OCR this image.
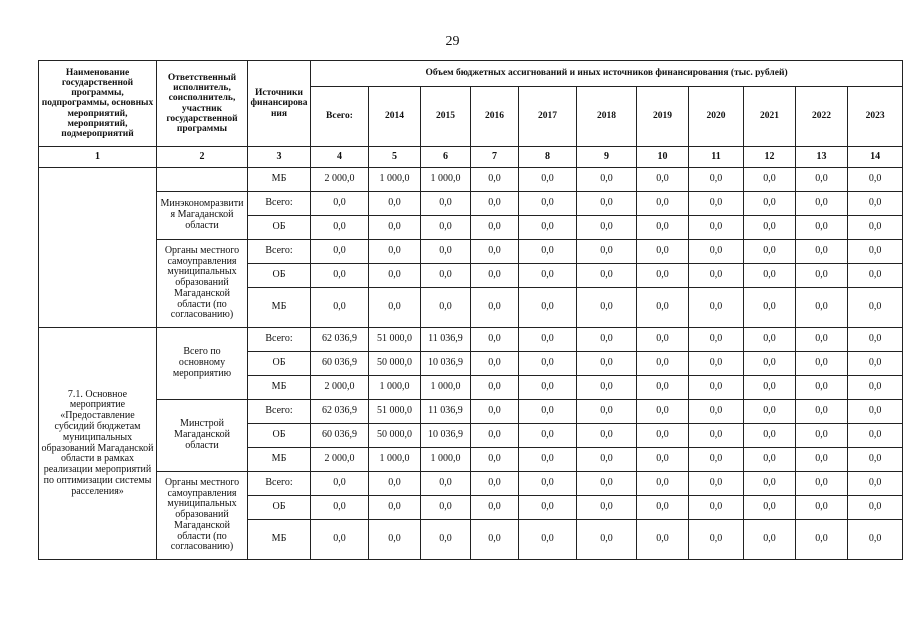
29
Наименование государственной программы, подпрограммы, основных мероприятий, мероприятий, подмероприятий	Ответственный исполнитель, соисполнитель, участник государственной программы	Источники финансирова ния	Объем бюджетных ассигнований и иных источников финансирования (тыс. рублей)										
			Всего:	2014	2015	2016	2017	2018	2019	2020	2021	2022	2023
1	2	3	4	5	6	7	8	9	10	11	12	13	14
		МБ	2 000,0	1 000,0	1 000,0	0,0	0,0	0,0	0,0	0,0	0,0	0,0	0,0
	Минэкономразвити я Магаданской области	Всего:	0,0	0,0	0,0	0,0	0,0	0,0	0,0	0,0	0,0	0,0	0,0
		ОБ	0,0	0,0	0,0	0,0	0,0	0,0	0,0	0,0	0,0	0,0	0,0
	Органы местного самоуправления муниципальных образований Магаданской области (по согласованию)	Всего:	0,0	0,0	0,0	0,0	0,0	0,0	0,0	0,0	0,0	0,0	0,0
		ОБ	0,0	0,0	0,0	0,0	0,0	0,0	0,0	0,0	0,0	0,0	0,0
		МБ	0,0	0,0	0,0	0,0	0,0	0,0	0,0	0,0	0,0	0,0	0,0
7.1. Основное мероприятие «Предоставление субсидий бюджетам муниципальных образований Магаданской области в рамках реализации мероприятий по оптимизации системы расселения»	Всего по основному мероприятию	Всего:	62 036,9	51 000,0	11 036,9	0,0	0,0	0,0	0,0	0,0	0,0	0,0	0,0
		ОБ	60 036,9	50 000,0	10 036,9	0,0	0,0	0,0	0,0	0,0	0,0	0,0	0,0
		МБ	2 000,0	1 000,0	1 000,0	0,0	0,0	0,0	0,0	0,0	0,0	0,0	0,0
	Минстрой Магаданской области	Всего:	62 036,9	51 000,0	11 036,9	0,0	0,0	0,0	0,0	0,0	0,0	0,0	0,0
		ОБ	60 036,9	50 000,0	10 036,9	0,0	0,0	0,0	0,0	0,0	0,0	0,0	0,0
		МБ	2 000,0	1 000,0	1 000,0	0,0	0,0	0,0	0,0	0,0	0,0	0,0	0,0
	Органы местного самоуправления муниципальных образований Магаданской области (по согласованию)	Всего:	0,0	0,0	0,0	0,0	0,0	0,0	0,0	0,0	0,0	0,0	0,0
		ОБ	0,0	0,0	0,0	0,0	0,0	0,0	0,0	0,0	0,0	0,0	0,0
		МБ	0,0	0,0	0,0	0,0	0,0	0,0	0,0	0,0	0,0	0,0	0,0
